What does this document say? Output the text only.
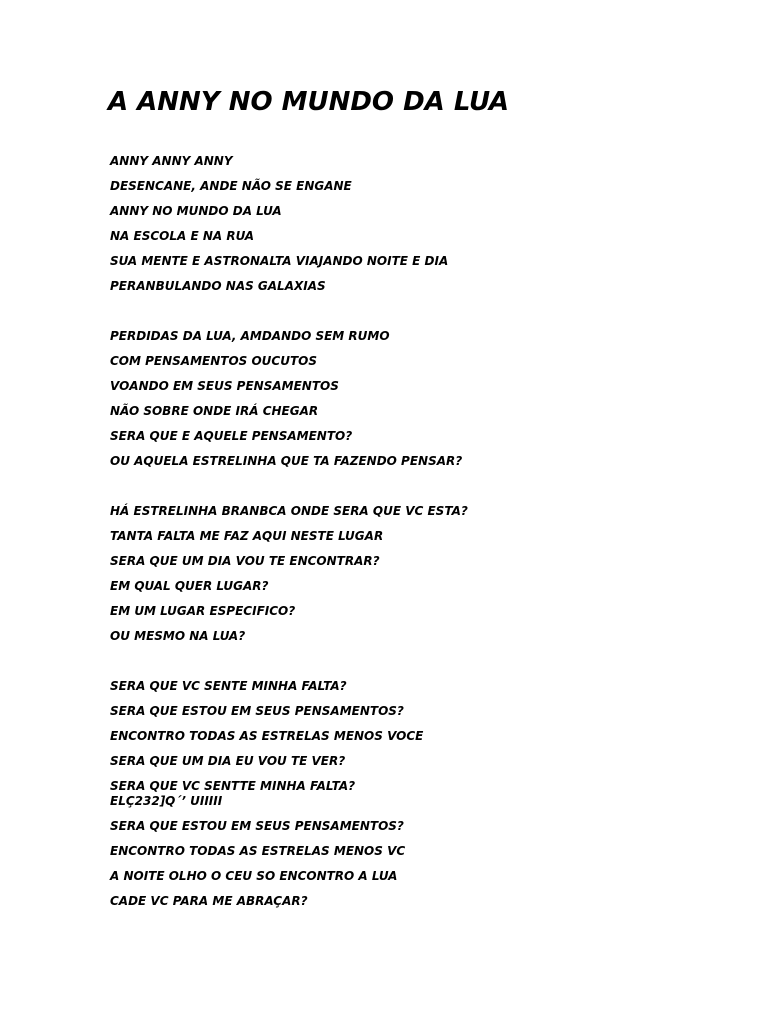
A ANNY NO MUNDO DA LUA

ANNY ANNY ANNY

DESENCANE, ANDE NÃO SE ENGANE

ANNY NO MUNDO DA LUA

NA ESCOLA E NA RUA

SUA MENTE E ASTRONALTA VIAJANDO NOITE E DIA

PERANBULANDO NAS GALAXIAS

PERDIDAS DA LUA, AMDANDO SEM RUMO

COM PENSAMENTOS OUCUTOS

VOANDO EM SEUS PENSAMENTOS

NÃO SOBRE ONDE IRÁ CHEGAR

SERA QUE E AQUELE PENSAMENTO?

OU AQUELA ESTRELINHA QUE TA FAZENDO PENSAR?

HÁ ESTRELINHA BRANBCA ONDE SERA QUE VC ESTA?

TANTA FALTA ME FAZ AQUI NESTE LUGAR

SERA QUE UM DIA VOU TE ENCONTRAR?

EM QUAL QUER LUGAR?

EM UM LUGAR ESPECIFICO?

OU MESMO NA LUA?

SERA QUE VC SENTE MINHA FALTA?

SERA QUE ESTOU EM SEUS PENSAMENTOS?

ENCONTRO TODAS AS ESTRELAS MENOS VOCE

SERA QUE UM DIA EU VOU TE VER?

SERA QUE VC SENTTE MINHA FALTA?

ELÇ232]Q´’ UIIIII

SERA QUE ESTOU EM SEUS PENSAMENTOS?

ENCONTRO TODAS AS ESTRELAS MENOS VC

A NOITE OLHO O CEU SO ENCONTRO A LUA

CADE VC PARA ME ABRAÇAR?
